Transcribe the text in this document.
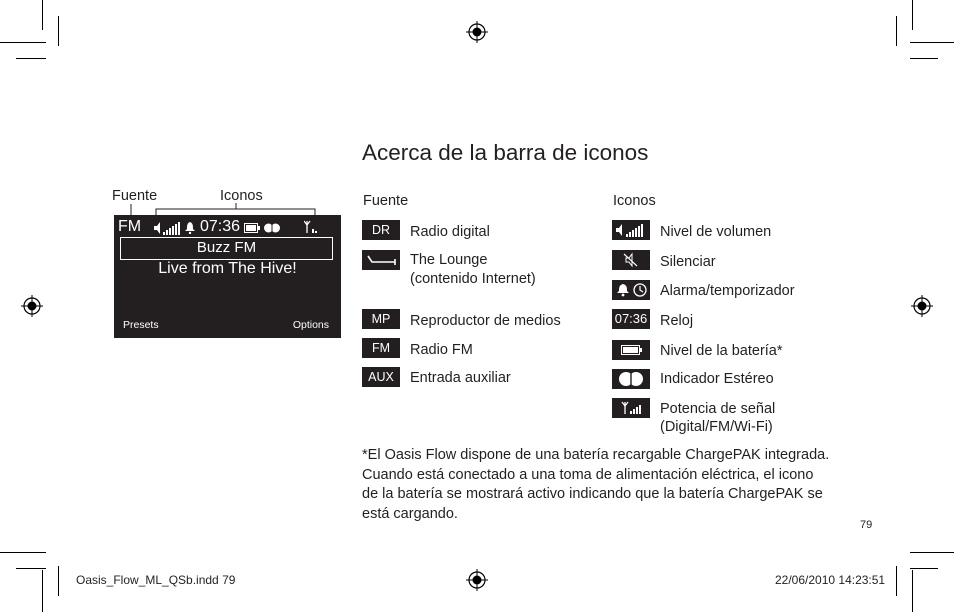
Acerca de la barra de iconos
Fuente	Iconos
FM	07:36
Buzz FM
Live from The Hive!
Presets	Options
Fuente
DR	Radio digital
The Lounge
(contenido Internet)
MP	Reproductor de medios
FM	Radio FM
AUX	Entrada auxiliar
Iconos
Nivel de volumen
Silenciar
Alarma/temporizador
07:36 Reloj
Nivel de la batería*
Indicador Estéreo
Potencia de señal
(Digital/FM/Wi-Fi)
*El Oasis Flow dispone de una batería recargable ChargePAK integrada. Cuando está conectado a una toma de alimentación eléctrica, el icono de la batería se mostrará activo indicando que la batería ChargePAK se está cargando.
79
Oasis_Flow_ML_QSb.indd 79	22/06/2010 14:23:51
